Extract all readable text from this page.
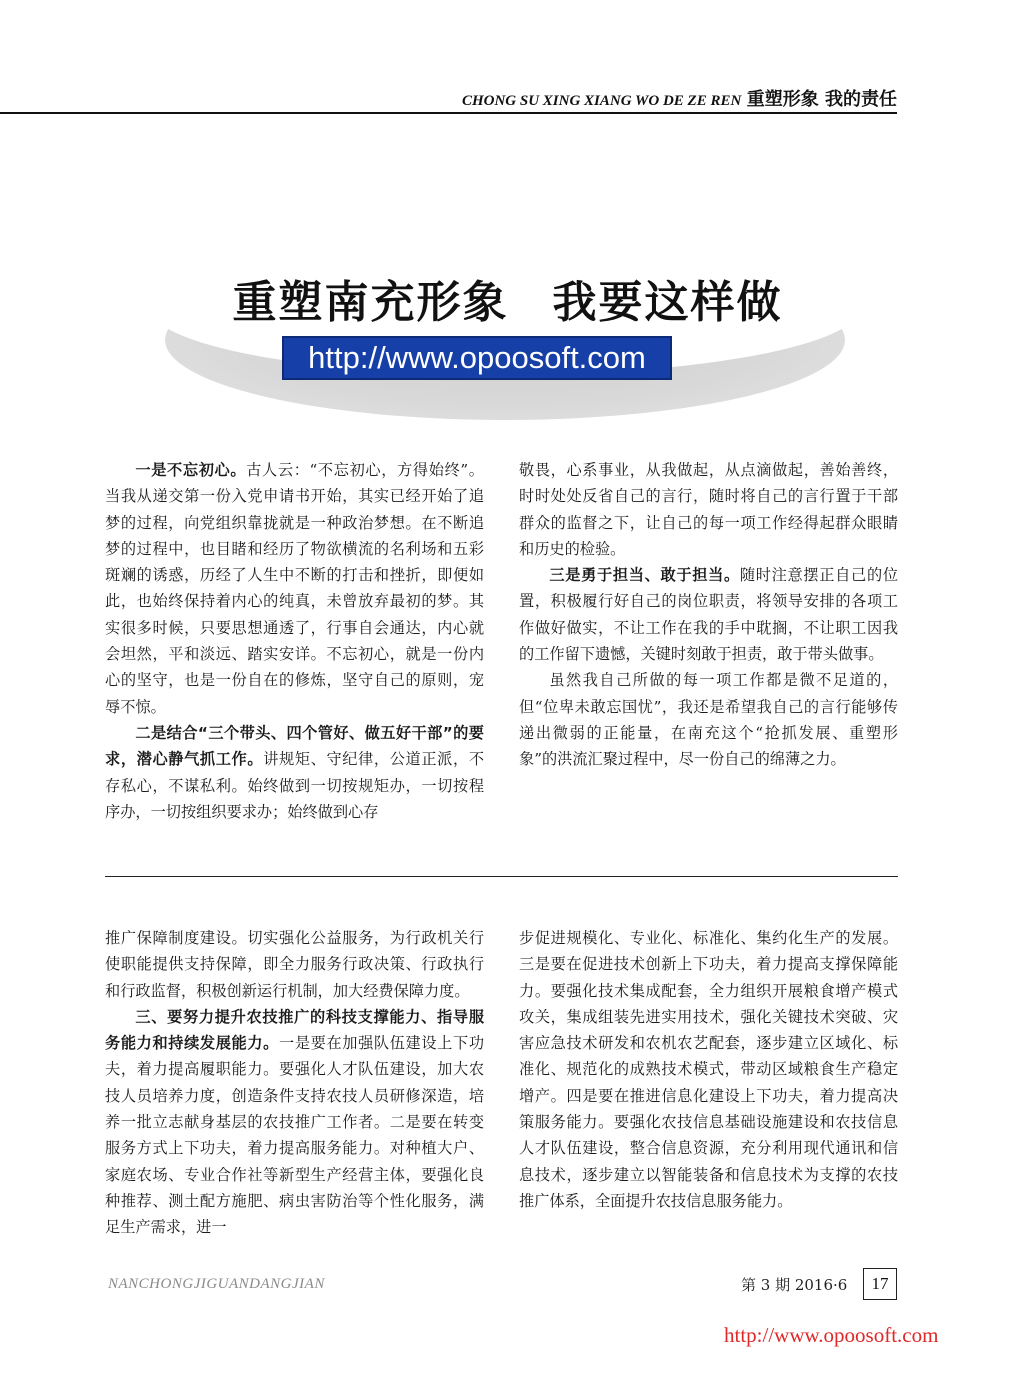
CHONG SU XING XIANG WO DE ZE REN 重塑形象 我的责任
重塑南充形象 我要这样做
http://www.opoosoft.com

一是不忘初心。古人云：“不忘初心，方得始终”。当我从递交第一份入党申请书开始，其实已经开始了追梦的过程，向党组织靠拢就是一种政治梦想。在不断追梦的过程中，也目睹和经历了物欲横流的名利场和五彩斑斓的诱惑，历经了人生中不断的打击和挫折，即便如此，也始终保持着内心的纯真，未曾放弃最初的梦。其实很多时候，只要思想通透了，行事自会通达，内心就会坦然，平和淡远、踏实安详。不忘初心，就是一份内心的坚守，也是一份自在的修炼，坚守自己的原则，宠辱不惊。

二是结合“三个带头、四个管好、做五好干部”的要求，潜心静气抓工作。讲规矩、守纪律，公道正派，不存私心，不谋私利。始终做到一切按规矩办，一切按程序办，一切按组织要求办；始终做到心存

敬畏，心系事业，从我做起，从点滴做起，善始善终，时时处处反省自己的言行，随时将自己的言行置于干部群众的监督之下，让自己的每一项工作经得起群众眼睛和历史的检验。

三是勇于担当、敢于担当。随时注意摆正自己的位置，积极履行好自己的岗位职责，将领导安排的各项工作做好做实，不让工作在我的手中耽搁，不让职工因我的工作留下遗憾，关键时刻敢于担责，敢于带头做事。

虽然我自己所做的每一项工作都是微不足道的，但“位卑未敢忘国忧”，我还是希望我自己的言行能够传递出微弱的正能量，在南充这个“抢抓发展、重塑形象”的洪流汇聚过程中，尽一份自己的绵薄之力。

推广保障制度建设。切实强化公益服务，为行政机关行使职能提供支持保障，即全力服务行政决策、行政执行和行政监督，积极创新运行机制，加大经费保障力度。

三、要努力提升农技推广的科技支撑能力、指导服务能力和持续发展能力。一是要在加强队伍建设上下功夫，着力提高履职能力。要强化人才队伍建设，加大农技人员培养力度，创造条件支持农技人员研修深造，培养一批立志献身基层的农技推广工作者。二是要在转变服务方式上下功夫，着力提高服务能力。对种植大户、家庭农场、专业合作社等新型生产经营主体，要强化良种推荐、测土配方施肥、病虫害防治等个性化服务，满足生产需求，进一

步促进规模化、专业化、标准化、集约化生产的发展。三是要在促进技术创新上下功夫，着力提高支撑保障能力。要强化技术集成配套，全力组织开展粮食增产模式攻关，集成组装先进实用技术，强化关键技术突破、灾害应急技术研发和农机农艺配套，逐步建立区域化、标准化、规范化的成熟技术模式，带动区域粮食生产稳定增产。四是要在推进信息化建设上下功夫，着力提高决策服务能力。要强化农技信息基础设施建设和农技信息人才队伍建设，整合信息资源，充分利用现代通讯和信息技术，逐步建立以智能装备和信息技术为支撑的农技推广体系，全面提升农技信息服务能力。

NANCHONGJIGUANDANGJIAN	第 3 期 2016·6	17
http://www.opoosoft.com
